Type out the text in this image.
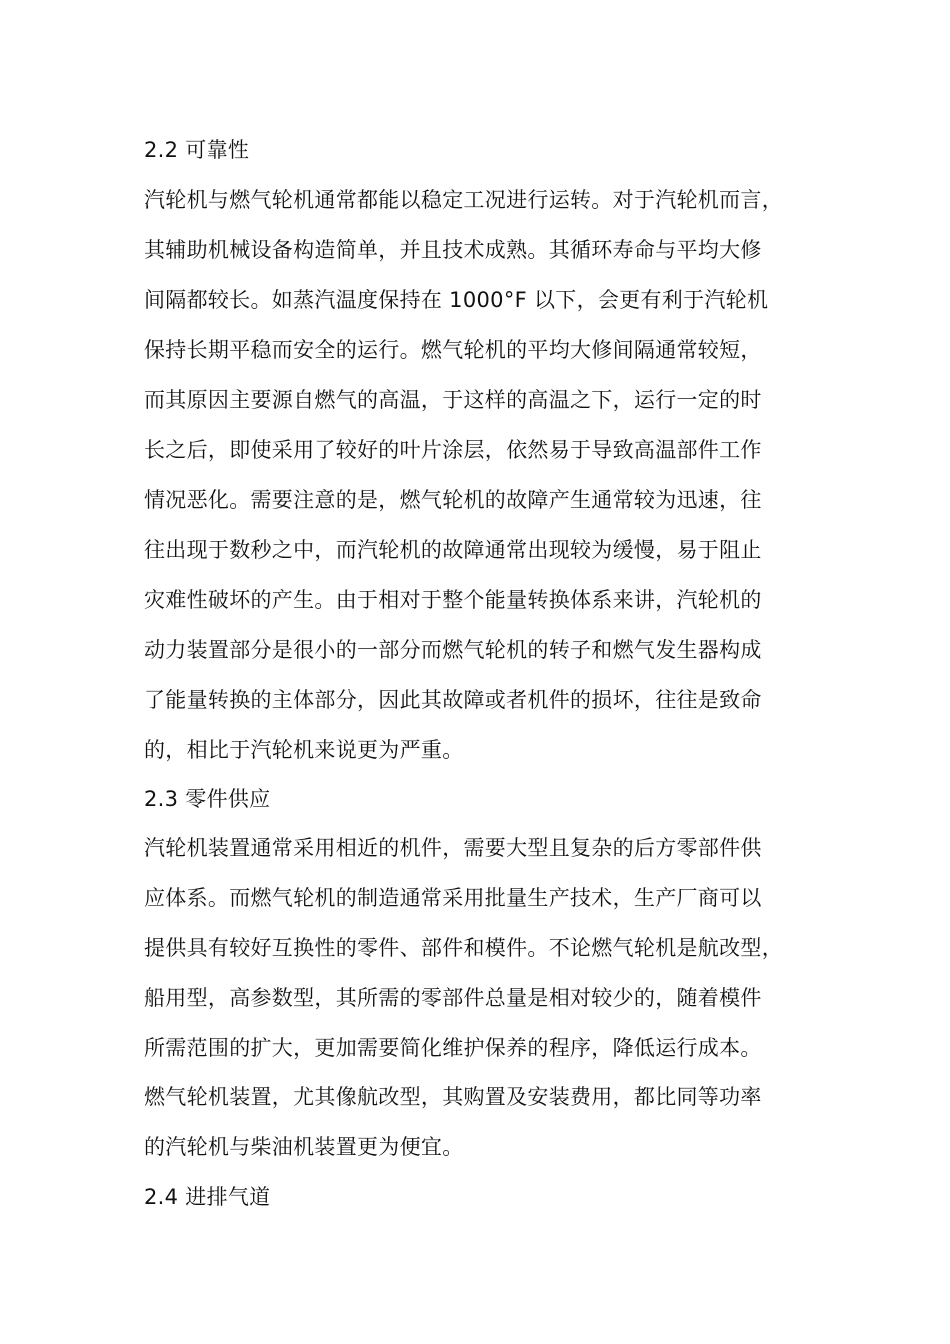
2.2 可靠性
汽轮机与燃气轮机通常都能以稳定工况进行运转。对于汽轮机而言，
其辅助机械设备构造简单，并且技术成熟。其循环寿命与平均大修
间隔都较长。如蒸汽温度保持在 1000°F 以下，会更有利于汽轮机
保持长期平稳而安全的运行。燃气轮机的平均大修间隔通常较短，
而其原因主要源自燃气的高温，于这样的高温之下，运行一定的时
长之后，即使采用了较好的叶片涂层，依然易于导致高温部件工作
情况恶化。需要注意的是，燃气轮机的故障产生通常较为迅速，往
往出现于数秒之中，而汽轮机的故障通常出现较为缓慢，易于阻止
灾难性破坏的产生。由于相对于整个能量转换体系来讲，汽轮机的
动力装置部分是很小的一部分而燃气轮机的转子和燃气发生器构成
了能量转换的主体部分，因此其故障或者机件的损坏，往往是致命
的，相比于汽轮机来说更为严重。
2.3 零件供应
汽轮机装置通常采用相近的机件，需要大型且复杂的后方零部件供
应体系。而燃气轮机的制造通常采用批量生产技术，生产厂商可以
提供具有较好互换性的零件、部件和模件。不论燃气轮机是航改型，
船用型，高参数型，其所需的零部件总量是相对较少的，随着模件
所需范围的扩大，更加需要简化维护保养的程序，降低运行成本。
燃气轮机装置，尤其像航改型，其购置及安装费用，都比同等功率
的汽轮机与柴油机装置更为便宜。
2.4 进排气道
